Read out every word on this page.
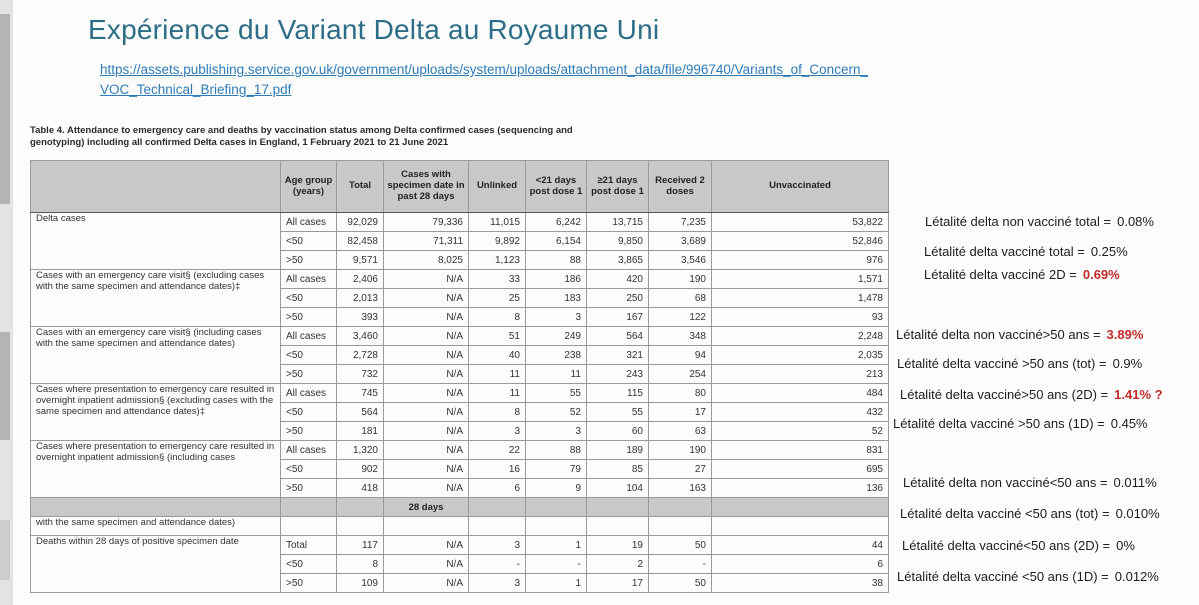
Expérience du Variant Delta au Royaume Uni
https://assets.publishing.service.gov.uk/government/uploads/system/uploads/attachment_data/file/996740/Variants_of_Concern_
VOC_Technical_Briefing_17.pdf
Table 4. Attendance to emergency care and deaths by vaccination status among Delta confirmed cases (sequencing and
genotyping) including all confirmed Delta cases in England, 1 February 2021 to 21 June 2021
	Age group (years)	Total	Cases with specimen date in past 28 days	Unlinked	<21 days post dose 1	≥21 days post dose 1	Received 2 doses	Unvaccinated
Delta cases	All cases	92,029	79,336	11,015	6,242	13,715	7,235	53,822
	<50	82,458	71,311	9,892	6,154	9,850	3,689	52,846
	>50	9,571	8,025	1,123	88	3,865	3,546	976
Cases with an emergency care visit§ (excluding cases with the same specimen and attendance dates)‡	All cases	2,406	N/A	33	186	420	190	1,571
	<50	2,013	N/A	25	183	250	68	1,478
	>50	393	N/A	8	3	167	122	93
Cases with an emergency care visit§ (including cases with the same specimen and attendance dates)	All cases	3,460	N/A	51	249	564	348	2,248
	<50	2,728	N/A	40	238	321	94	2,035
	>50	732	N/A	11	11	243	254	213
Cases where presentation to emergency care resulted in overnight inpatient admission§ (excluding cases with the same specimen and attendance dates)‡	All cases	745	N/A	11	55	115	80	484
	<50	564	N/A	8	52	55	17	432
	>50	181	N/A	3	3	60	63	52
Cases where presentation to emergency care resulted in overnight inpatient admission§ (including cases	All cases	1,320	N/A	22	88	189	190	831
	<50	902	N/A	16	79	85	27	695
	>50	418	N/A	6	9	104	163	136
			28 days					
with the same specimen and attendance dates)								
Deaths within 28 days of positive specimen date	Total	117	N/A	3	1	19	50	44
	<50	8	N/A	-	-	2	-	6
	>50	109	N/A	3	1	17	50	38
Létalité delta non vacciné total = 0.08%
Létalité delta vacciné total = 0.25%
Létalité delta vacciné 2D = 0.69%
Létalité delta non vacciné>50 ans = 3.89%
Létalité delta vacciné >50 ans (tot) = 0.9%
Létalité delta vacciné>50 ans (2D) = 1.41% ?
Létalité delta vacciné >50 ans (1D) = 0.45%
Létalité delta non vacciné<50 ans = 0.011%
Létalité delta vacciné <50 ans (tot) = 0.010%
Létalité delta vacciné<50 ans (2D) = 0%
Létalité delta vacciné <50 ans (1D) = 0.012%
